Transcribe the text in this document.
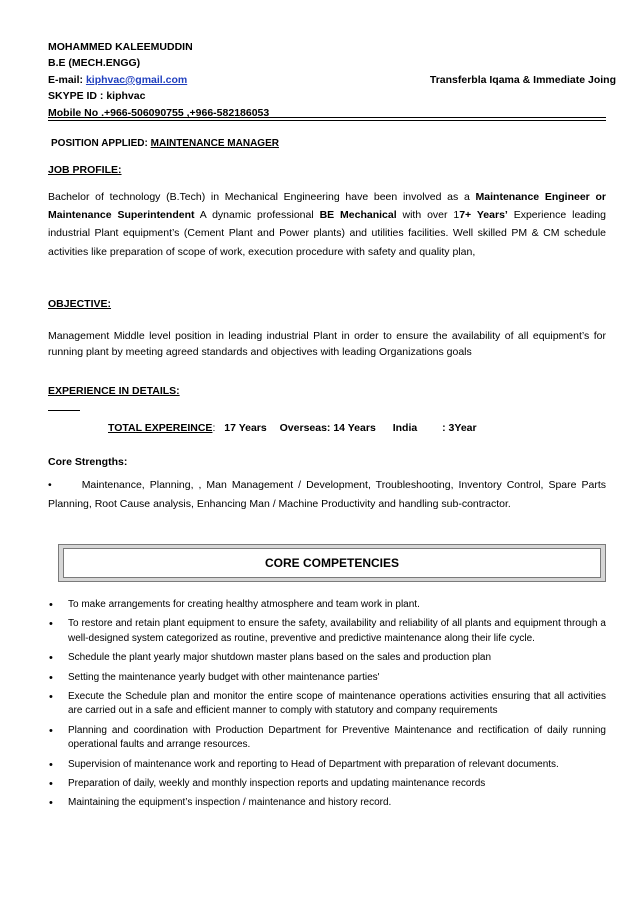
MOHAMMED KALEEMUDDIN
B.E (MECH.ENGG)
E-mail: kiphvac@gmail.com	Transferbla Iqama & Immediate Joing
SKYPE ID : kiphvac
Mobile No .+966-506090755 ,+966-582186053
POSITION APPLIED: MAINTENANCE MANAGER
JOB PROFILE:

Bachelor of technology (B.Tech) in Mechanical Engineering have been involved as a Maintenance Engineer or Maintenance Superintendent A dynamic professional BE Mechanical with over 17+ Years’ Experience leading industrial Plant equipment’s (Cement Plant and Power plants) and utilities facilities. Well skilled PM & CM schedule activities like preparation of scope of work, execution procedure with safety and quality plan,

OBJECTIVE:
Management Middle level position in leading industrial Plant in order to ensure the availability of all equipment’s for running plant by meeting agreed standards and objectives with leading Organizations goals
EXPERIENCE IN DETAILS:
TOTAL EXPEREINCE: 17 Years Overseas: 14 Years India : 3Year
Core Strengths:
•	Maintenance, Planning, , Man Management / Development, Troubleshooting, Inventory Control, Spare Parts Planning, Root Cause analysis, Enhancing Man / Machine Productivity and handling sub-contractor.
CORE COMPETENCIES
• To make arrangements for creating healthy atmosphere and team work in plant.
• To restore and retain plant equipment to ensure the safety, availability and reliability of all plants and equipment through a well-designed system categorized as routine, preventive and predictive maintenance along their life cycle.
• Schedule the plant yearly major shutdown master plans based on the sales and production plan
• Setting the maintenance yearly budget with other maintenance parties'
• Execute the Schedule plan and monitor the entire scope of maintenance operations activities ensuring that all activities are carried out in a safe and efficient manner to comply with statutory and company requirements
• Planning and coordination with Production Department for Preventive Maintenance and rectification of daily running operational faults and arrange resources.
• Supervision of maintenance work and reporting to Head of Department with preparation of relevant documents.
• Preparation of daily, weekly and monthly inspection reports and updating maintenance records
• Maintaining the equipment’s inspection / maintenance and history record.
